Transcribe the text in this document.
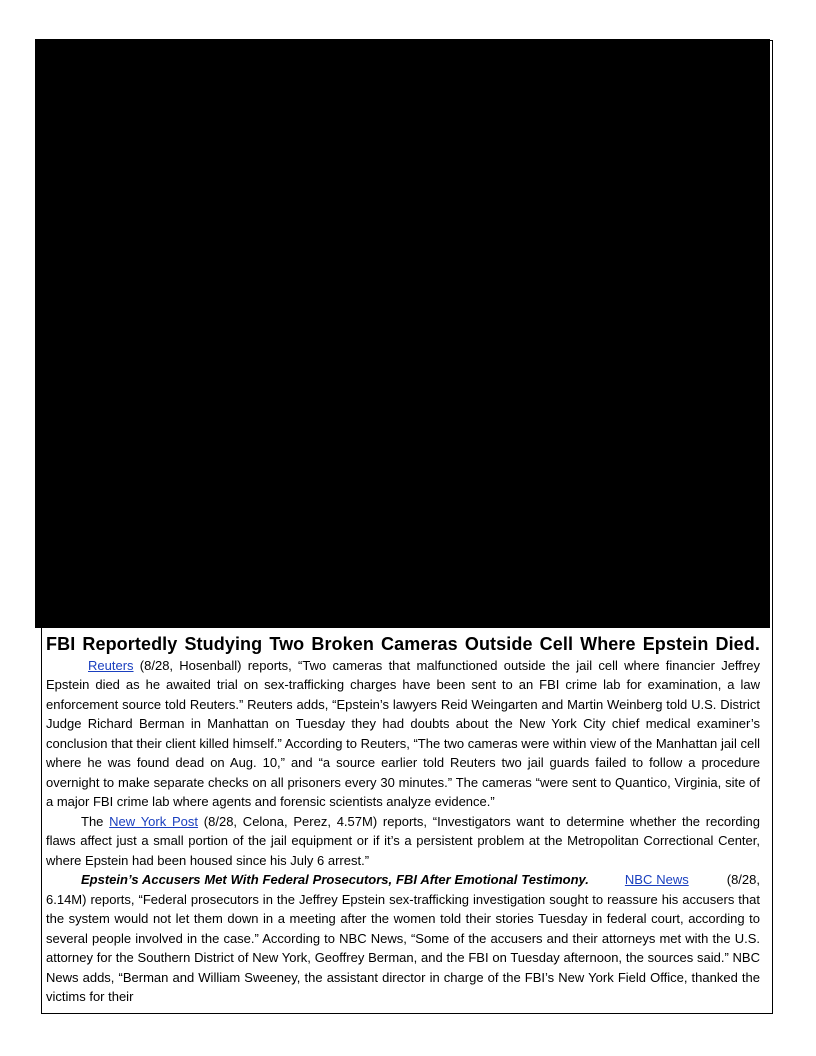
FBI Reportedly Studying Two Broken Cameras Outside Cell Where Epstein Died.Reuters (8/28, Hosenball) reports, “Two cameras that malfunctioned outside the jail cell where financier Jeffrey Epstein died as he awaited trial on sex-trafficking charges have been sent to an FBI crime lab for examination, a law enforcement source told Reuters.” Reuters adds, “Epstein’s lawyers Reid Weingarten and Martin Weinberg told U.S. District Judge Richard Berman in Manhattan on Tuesday they had doubts about the New York City chief medical examiner’s conclusion that their client killed himself.” According to Reuters, “The two cameras were within view of the Manhattan jail cell where he was found dead on Aug. 10,” and “a source earlier told Reuters two jail guards failed to follow a procedure overnight to make separate checks on all prisoners every 30 minutes.” The cameras “were sent to Quantico, Virginia, site of a major FBI crime lab where agents and forensic scientists analyze evidence.”

The New York Post (8/28, Celona, Perez, 4.57M) reports, “Investigators want to determine whether the recording flaws affect just a small portion of the jail equipment or if it’s a persistent problem at the Metropolitan Correctional Center, where Epstein had been housed since his July 6 arrest.”

Epstein’s Accusers Met With Federal Prosecutors, FBI After Emotional Testimony.	NBC News	(8/28, 6.14M) reports, “Federal prosecutors in the Jeffrey Epstein sex-trafficking investigation sought to reassure his accusers that the system would not let them down in a meeting after the women told their stories Tuesday in federal court, according to several people involved in the case.” According to NBC News, “Some of the accusers and their attorneys met with the U.S. attorney for the Southern District of New York, Geoffrey Berman, and the FBI on Tuesday afternoon, the sources said.” NBC News adds, “Berman and William Sweeney, the assistant director in charge of the FBI’s New York Field Office, thanked the victims for their
